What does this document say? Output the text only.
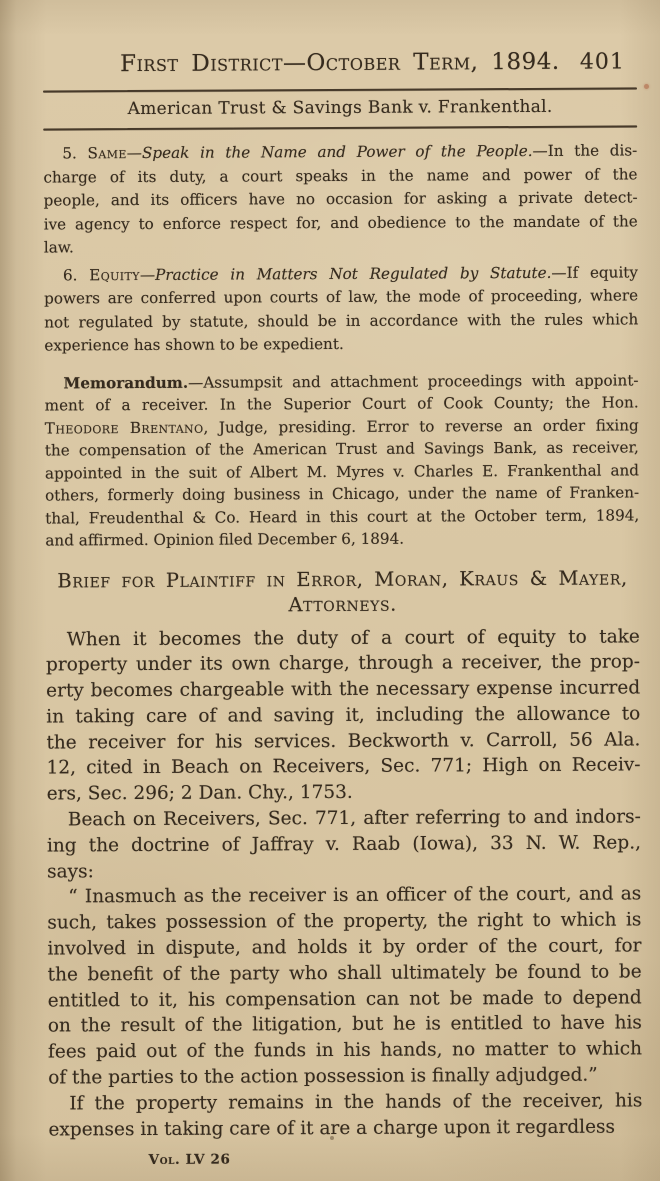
First District—October Term, 1894. 401
American Trust & Savings Bank v. Frankenthal.
5. Same—Speak in the Name and Power of the People.—In the dis-
charge of its duty, a court speaks in the name and power of the
people, and its officers have no occasion for asking a private detect-
ive agency to enforce respect for, and obedience to the mandate of the
law.
6. Equity—Practice in Matters Not Regulated by Statute.—If equity
powers are conferred upon courts of law, the mode of proceeding, where
not regulated by statute, should be in accordance with the rules which
experience has shown to be expedient.
Memorandum.—Assumpsit and attachment proceedings with appoint-
ment of a receiver. In the Superior Court of Cook County; the Hon.
Theodore Brentano, Judge, presiding. Error to reverse an order fixing
the compensation of the American Trust and Savings Bank, as receiver,
appointed in the suit of Albert M. Myres v. Charles E. Frankenthal and
others, formerly doing business in Chicago, under the name of Franken-
thal, Freudenthal & Co. Heard in this court at the October term, 1894,
and affirmed. Opinion filed December 6, 1894.
Brief for Plaintiff in Error, Moran, Kraus & Mayer,
Attorneys.
When it becomes the duty of a court of equity to take
property under its own charge, through a receiver, the prop-
erty becomes chargeable with the necessary expense incurred
in taking care of and saving it, including the allowance to
the receiver for his services. Beckworth v. Carroll, 56 Ala.
12, cited in Beach on Receivers, Sec. 771; High on Receiv-
ers, Sec. 296; 2 Dan. Chy., 1753.
Beach on Receivers, Sec. 771, after referring to and indors-
ing the doctrine of Jaffray v. Raab (Iowa), 33 N. W. Rep.,
says:
“ Inasmuch as the receiver is an officer of the court, and as
such, takes possession of the property, the right to which is
involved in dispute, and holds it by order of the court, for
the benefit of the party who shall ultimately be found to be
entitled to it, his compensation can not be made to depend
on the result of the litigation, but he is entitled to have his
fees paid out of the funds in his hands, no matter to which
of the parties to the action possession is finally adjudged.”
If the property remains in the hands of the receiver, his
expenses in taking care of it are a charge upon it regardless
Vol. LV 26
